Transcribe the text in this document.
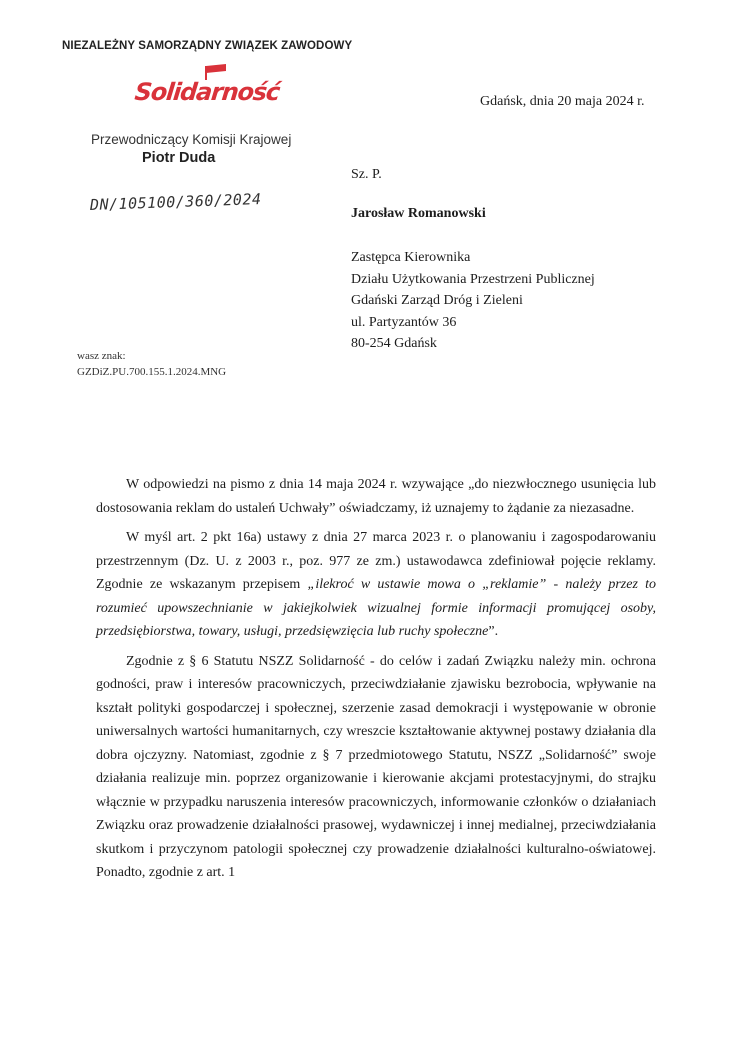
NIEZALEŻNY SAMORZĄDNY ZWIĄZEK ZAWODOWY
Solidarność	Gdańsk, dnia 20 maja 2024 r.
Przewodniczący Komisji Krajowej
Piotr Duda
DN/105100/360/2024
Sz. P.
Jarosław Romanowski
Zastępca Kierownika
Działu Użytkowania Przestrzeni Publicznej
Gdański Zarząd Dróg i Zieleni
ul. Partyzantów 36
80-254 Gdańsk
wasz znak:
GZDiZ.PU.700.155.1.2024.MNG

W odpowiedzi na pismo z dnia 14 maja 2024 r. wzywające „do niezwłocznego usunięcia lub dostosowania reklam do ustaleń Uchwały” oświadczamy, iż uznajemy to żądanie za niezasadne.

W myśl art. 2 pkt 16a) ustawy z dnia 27 marca 2023 r. o planowaniu i zagospodarowaniu przestrzennym (Dz. U. z 2003 r., poz. 977 ze zm.) ustawodawca zdefiniował pojęcie reklamy. Zgodnie ze wskazanym przepisem „ilekroć w ustawie mowa o „reklamie” - należy przez to rozumieć upowszechnianie w jakiejkolwiek wizualnej formie informacji promującej osoby, przedsiębiorstwa, towary, usługi, przedsięwzięcia lub ruchy społeczne”.

Zgodnie z § 6 Statutu NSZZ Solidarność - do celów i zadań Związku należy min. ochrona godności, praw i interesów pracowniczych, przeciwdziałanie zjawisku bezrobocia, wpływanie na kształt polityki gospodarczej i społecznej, szerzenie zasad demokracji i występowanie w obronie uniwersalnych wartości humanitarnych, czy wreszcie kształtowanie aktywnej postawy działania dla dobra ojczyzny. Natomiast, zgodnie z § 7 przedmiotowego Statutu, NSZZ „Solidarność” swoje działania realizuje min. poprzez organizowanie i kierowanie akcjami protestacyjnymi, do strajku włącznie w przypadku naruszenia interesów pracowniczych, informowanie członków o działaniach Związku oraz prowadzenie działalności prasowej, wydawniczej i innej medialnej, przeciwdziałania skutkom i przyczynom patologii społecznej czy prowadzenie działalności kulturalno-oświatowej. Ponadto, zgodnie z art. 1
